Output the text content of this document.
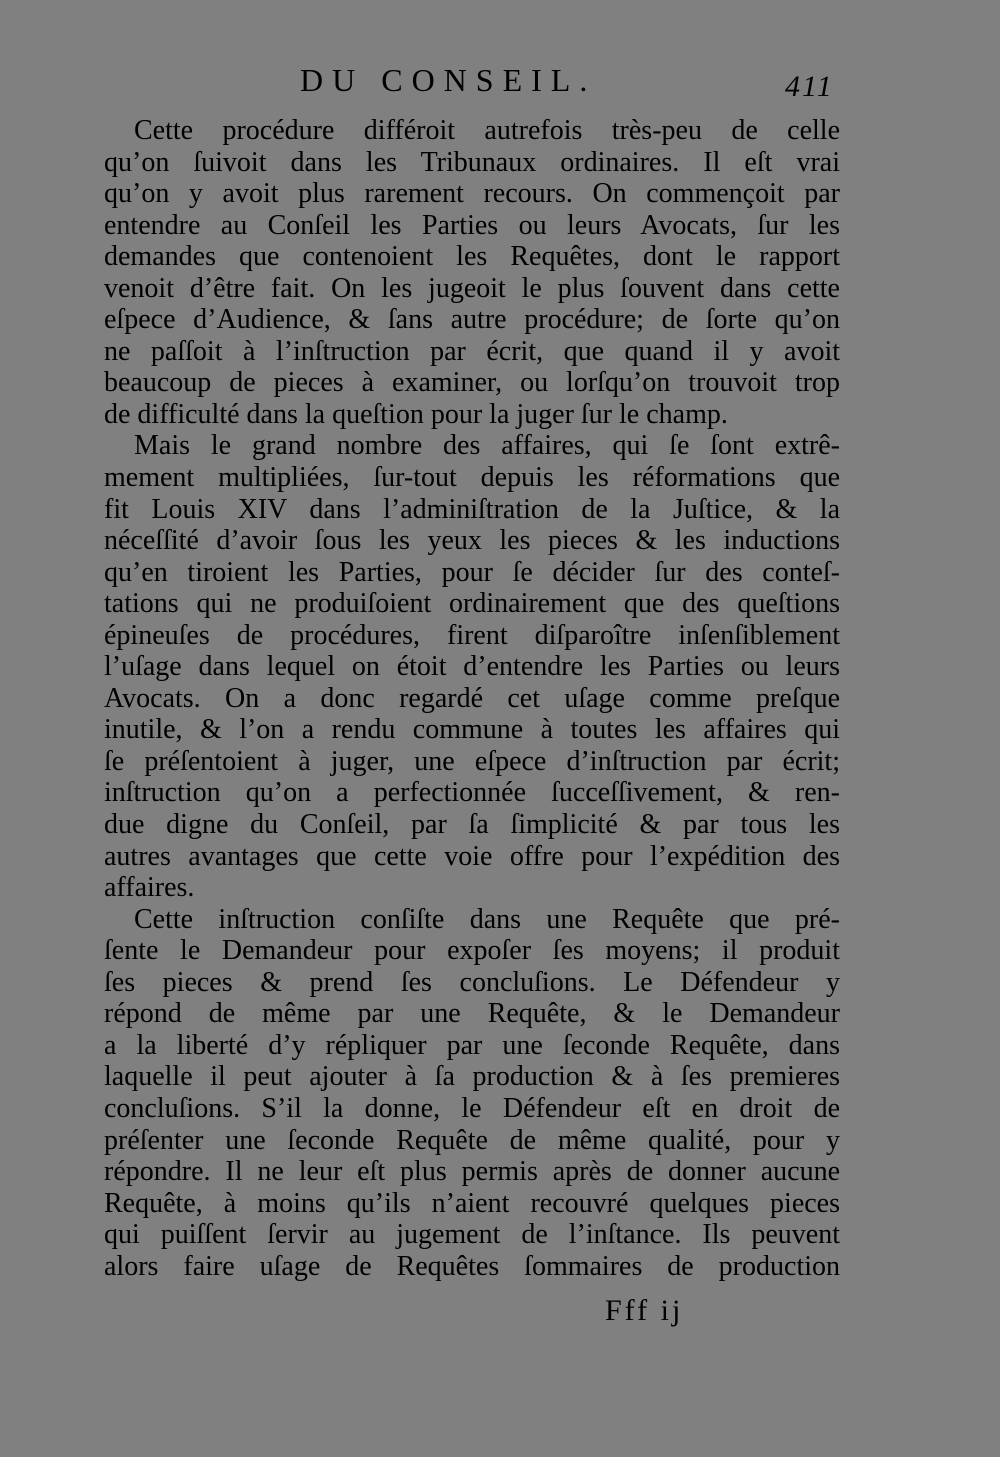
DU CONSEIL.	411
Cette procédure différoit autrefois très-peu de celle
qu’on ſuivoit dans les Tribunaux ordinaires. Il eſt vrai
qu’on y avoit plus rarement recours. On commençoit par
entendre au Conſeil les Parties ou leurs Avocats, ſur les
demandes que contenoient les Requêtes, dont le rapport
venoit d’être fait. On les jugeoit le plus ſouvent dans cette
eſpece d’Audience, & ſans autre procédure; de ſorte qu’on
ne paſſoit à l’inſtruction par écrit, que quand il y avoit
beaucoup de pieces à examiner, ou lorſqu’on trouvoit trop
de difficulté dans la queſtion pour la juger ſur le champ.
Mais le grand nombre des affaires, qui ſe ſont extrê-
mement multipliées, ſur-tout depuis les réformations que
fit Louis XIV dans l’adminiſtration de la Juſtice, & la
néceſſité d’avoir ſous les yeux les pieces & les inductions
qu’en tiroient les Parties, pour ſe décider ſur des conteſ-
tations qui ne produiſoient ordinairement que des queſtions
épineuſes de procédures, firent diſparoître inſenſiblement
l’uſage dans lequel on étoit d’entendre les Parties ou leurs
Avocats. On a donc regardé cet uſage comme preſque
inutile, & l’on a rendu commune à toutes les affaires qui
ſe préſentoient à juger, une eſpece d’inſtruction par écrit;
inſtruction qu’on a perfectionnée ſucceſſivement, & ren-
due digne du Conſeil, par ſa ſimplicité & par tous les
autres avantages que cette voie offre pour l’expédition des
affaires.
Cette inſtruction conſiſte dans une Requête que pré-
ſente le Demandeur pour expoſer ſes moyens; il produit
ſes pieces & prend ſes concluſions. Le Défendeur y
répond de même par une Requête, & le Demandeur
a la liberté d’y répliquer par une ſeconde Requête, dans
laquelle il peut ajouter à ſa production & à ſes premieres
concluſions. S’il la donne, le Défendeur eſt en droit de
préſenter une ſeconde Requête de même qualité, pour y
répondre. Il ne leur eſt plus permis après de donner aucune
Requête, à moins qu’ils n’aient recouvré quelques pieces
qui puiſſent ſervir au jugement de l’inſtance. Ils peuvent
alors faire uſage de Requêtes ſommaires de production
Fff ij
